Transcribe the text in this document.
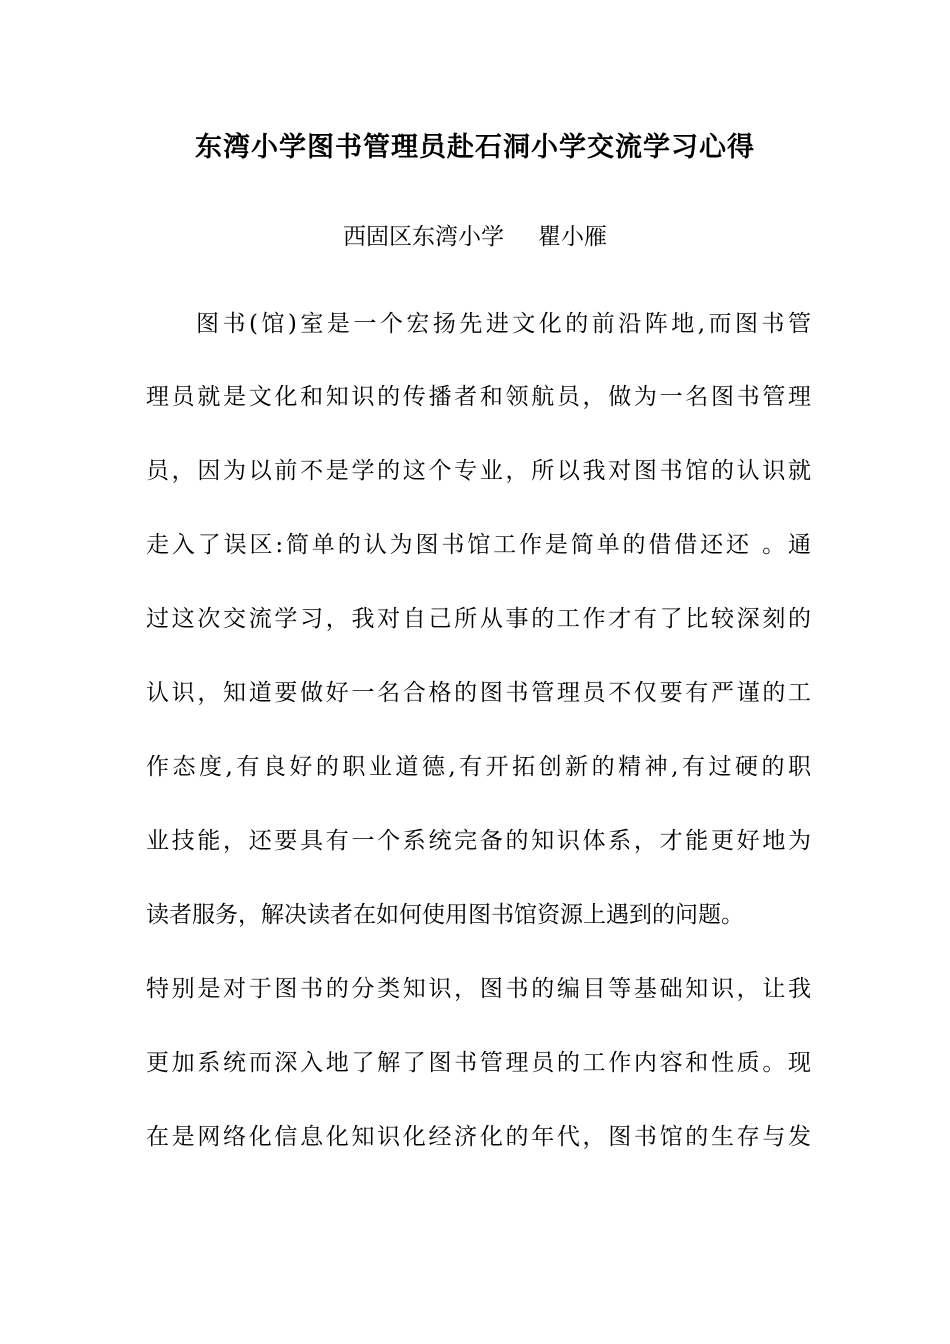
东湾小学图书管理员赴石洞小学交流学习心得
西固区东湾小学 瞿小雁
图书(馆)室是一个宏扬先进文化的前沿阵地,而图书管
理员就是文化和知识的传播者和领航员，做为一名图书管理
员，因为以前不是学的这个专业，所以我对图书馆的认识就
走入了误区:简单的认为图书馆工作是简单的借借还还 。通
过这次交流学习，我对自己所从事的工作才有了比较深刻的
认识，知道要做好一名合格的图书管理员不仅要有严谨的工
作态度,有良好的职业道德,有开拓创新的精神,有过硬的职
业技能，还要具有一个系统完备的知识体系，才能更好地为
读者服务，解决读者在如何使用图书馆资源上遇到的问题。
特别是对于图书的分类知识，图书的编目等基础知识，让我
更加系统而深入地了解了图书管理员的工作内容和性质。现
在是网络化信息化知识化经济化的年代，图书馆的生存与发
